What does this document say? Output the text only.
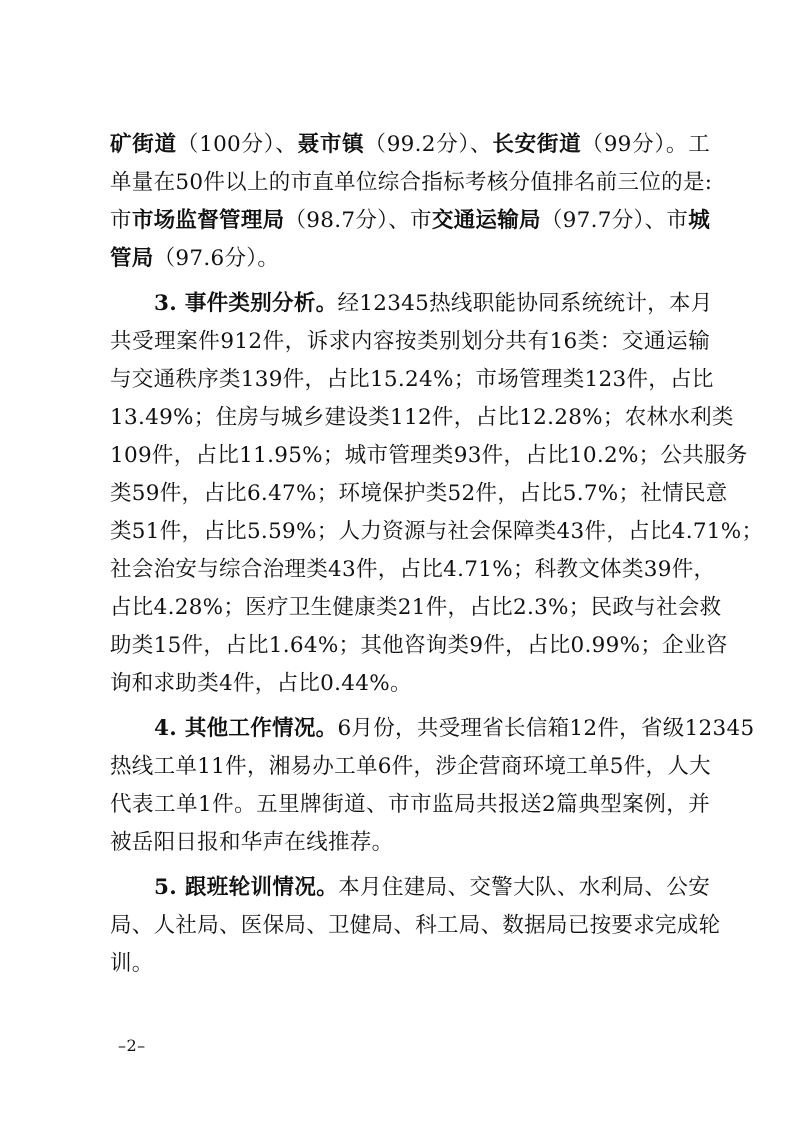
矿街道（100分）、聂市镇（99.2分）、长安街道（99分）。工
单量在50件以上的市直单位综合指标考核分值排名前三位的是:
市市场监督管理局（98.7分）、市交通运输局（97.7分）、市城
管局（97.6分）。
3. 事件类别分析。经12345热线职能协同系统统计，本月
共受理案件912件，诉求内容按类别划分共有16类：交通运输
与交通秩序类139件，占比15.24%；市场管理类123件，占比
13.49%；住房与城乡建设类112件，占比12.28%；农林水利类
109件，占比11.95%；城市管理类93件，占比10.2%；公共服务
类59件，占比6.47%；环境保护类52件，占比5.7%；社情民意
类51件，占比5.59%；人力资源与社会保障类43件，占比4.71%；
社会治安与综合治理类43件，占比4.71%；科教文体类39件，
占比4.28%；医疗卫生健康类21件，占比2.3%；民政与社会救
助类15件，占比1.64%；其他咨询类9件，占比0.99%；企业咨
询和求助类4件，占比0.44%。
4. 其他工作情况。6月份，共受理省长信箱12件，省级12345
热线工单11件，湘易办工单6件，涉企营商环境工单5件，人大
代表工单1件。五里牌街道、市市监局共报送2篇典型案例，并
被岳阳日报和华声在线推荐。
5. 跟班轮训情况。本月住建局、交警大队、水利局、公安
局、人社局、医保局、卫健局、科工局、数据局已按要求完成轮
训。
–2–
